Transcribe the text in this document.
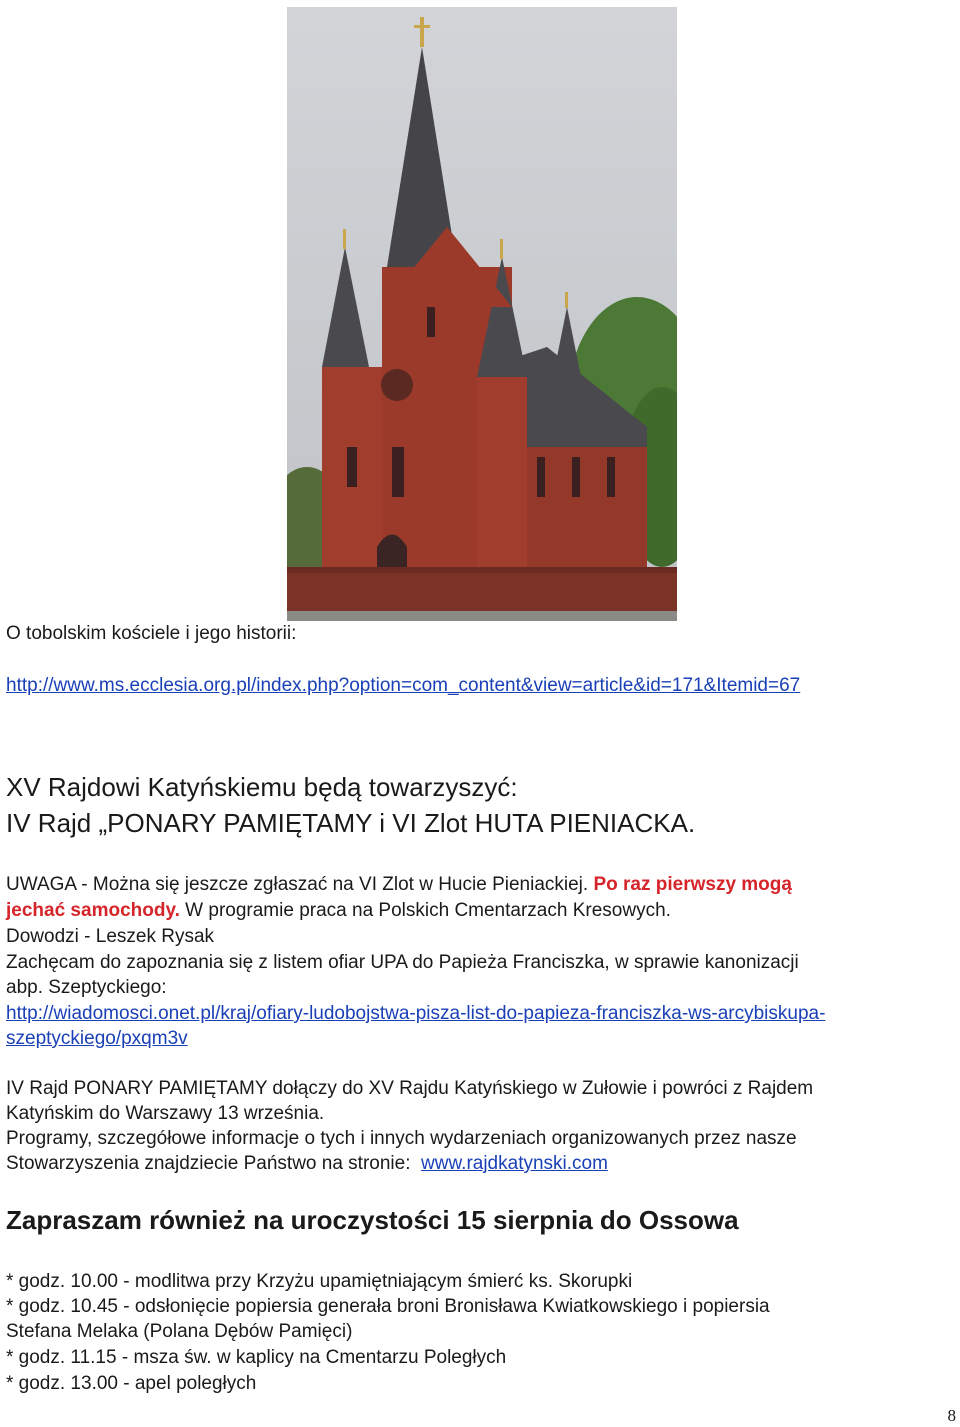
O tobolskim kościele i jego historii:
http://www.ms.ecclesia.org.pl/index.php?option=com_content&view=article&id=171&Itemid=67
XV Rajdowi Katyńskiemu będą towarzyszyć:
IV Rajd „PONARY PAMIĘTAMY i VI Zlot HUTA PIENIACKA.
UWAGA - Można się jeszcze zgłaszać na VI Zlot w Hucie Pieniackiej. Po raz pierwszy mogą
jechać samochody. W programie praca na Polskich Cmentarzach Kresowych.
Dowodzi - Leszek Rysak
Zachęcam do zapoznania się z listem ofiar UPA do Papieża Franciszka, w sprawie kanonizacji
abp. Szeptyckiego:
http://wiadomosci.onet.pl/kraj/ofiary-ludobojstwa-pisza-list-do-papieza-franciszka-ws-arcybiskupa-
szeptyckiego/pxqm3v
IV Rajd PONARY PAMIĘTAMY dołączy do XV Rajdu Katyńskiego w Zułowie i powróci z Rajdem
Katyńskim do Warszawy 13 września.
Programy, szczegółowe informacje o tych i innych wydarzeniach organizowanych przez nasze
Stowarzyszenia znajdziecie Państwo na stronie: www.rajdkatynski.com
Zapraszam również na uroczystości 15 sierpnia do Ossowa
* godz. 10.00 - modlitwa przy Krzyżu upamiętniającym śmierć ks. Skorupki
* godz. 10.45 - odsłonięcie popiersia generała broni Bronisława Kwiatkowskiego i popiersia
Stefana Melaka (Polana Dębów Pamięci)
* godz. 11.15 - msza św. w kaplicy na Cmentarzu Poległych
* godz. 13.00 - apel poległych
8
